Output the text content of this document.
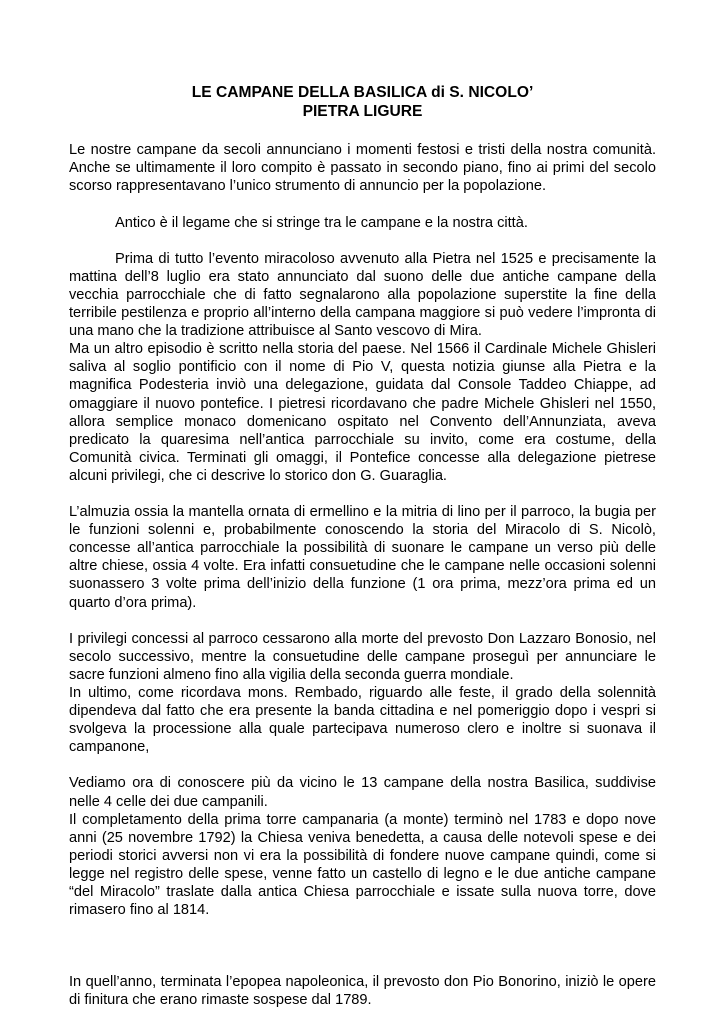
LE CAMPANE DELLA BASILICA di S. NICOLO’
PIETRA LIGURE

Le nostre campane da secoli annunciano i momenti festosi e tristi della nostra comunità. Anche se ultimamente il loro compito è passato in secondo piano, fino ai primi del secolo scorso rappresentavano l’unico strumento di annuncio per la popolazione.

Antico è il legame che si stringe tra le campane e la nostra città.

Prima di tutto l’evento miracoloso avvenuto alla Pietra nel 1525 e precisamente la mattina dell’8 luglio era stato annunciato dal suono delle due antiche campane della vecchia parrocchiale che di fatto segnalarono alla popolazione superstite la fine della terribile pestilenza e proprio all’interno della campana maggiore si può vedere l’impronta di una mano che la tradizione attribuisce al Santo vescovo di Mira.

Ma un altro episodio è scritto nella storia del paese. Nel 1566 il Cardinale Michele Ghisleri saliva al soglio pontificio con il nome di Pio V, questa notizia giunse alla Pietra e la magnifica Podesteria inviò una delegazione, guidata dal Console Taddeo Chiappe, ad omaggiare il nuovo pontefice. I pietresi ricordavano che padre Michele Ghisleri nel 1550, allora semplice monaco domenicano ospitato nel Convento dell’Annunziata, aveva predicato la quaresima nell’antica parrocchiale su invito, come era costume, della Comunità civica. Terminati gli omaggi, il Pontefice concesse alla delegazione pietrese alcuni privilegi, che ci descrive lo storico don G. Guaraglia.

L’almuzia ossia la mantella ornata di ermellino e la mitria di lino per il parroco, la bugia per le funzioni solenni e, probabilmente conoscendo la storia del Miracolo di S. Nicolò, concesse all’antica parrocchiale la possibilità di suonare le campane un verso più delle altre chiese, ossia 4 volte. Era infatti consuetudine che le campane nelle occasioni solenni suonassero 3 volte prima dell’inizio della funzione (1 ora prima, mezz’ora prima ed un quarto d’ora prima).

I privilegi concessi al parroco cessarono alla morte del prevosto Don Lazzaro Bonosio, nel secolo successivo, mentre la consuetudine delle campane proseguì per annunciare le sacre funzioni almeno fino alla vigilia della seconda guerra mondiale.

In ultimo, come ricordava mons. Rembado, riguardo alle feste, il grado della solennità dipendeva dal fatto che era presente la banda cittadina e nel pomeriggio dopo i vespri si svolgeva la processione alla quale partecipava numeroso clero e inoltre si suonava il campanone,

Vediamo ora di conoscere più da vicino le 13 campane della nostra Basilica, suddivise nelle 4 celle dei due campanili.

Il completamento della prima torre campanaria (a monte) terminò nel 1783 e dopo nove anni (25 novembre 1792) la Chiesa veniva benedetta, a causa delle notevoli spese e dei periodi storici avversi non vi era la possibilità di fondere nuove campane quindi, come si legge nel registro delle spese, venne fatto un castello di legno e le due antiche campane “del Miracolo” traslate dalla antica Chiesa parrocchiale e issate sulla nuova torre, dove rimasero fino al 1814.

In quell’anno, terminata l’epopea napoleonica, il prevosto don Pio Bonorino, iniziò le opere di finitura che erano rimaste sospese dal 1789.
